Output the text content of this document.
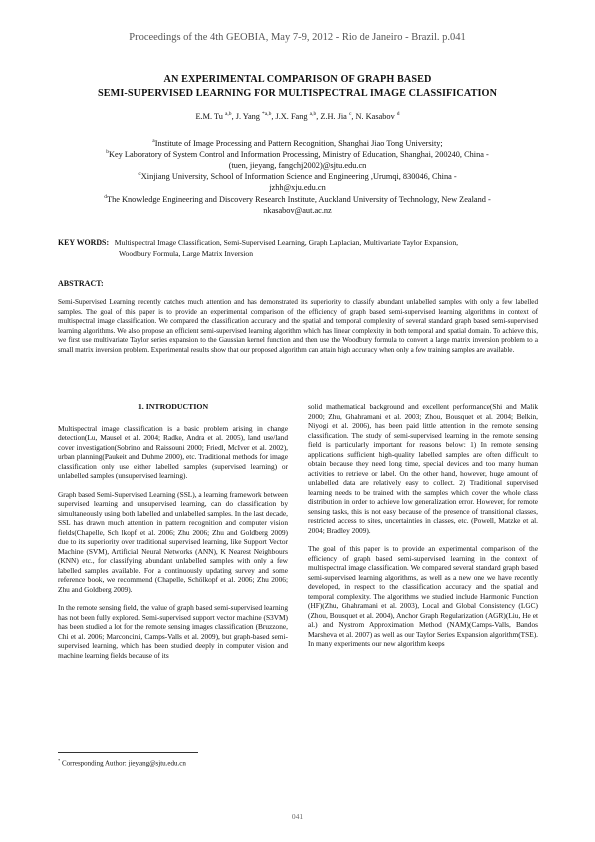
Proceedings of the 4th GEOBIA, May 7-9, 2012 - Rio de Janeiro - Brazil. p.041
AN EXPERIMENTAL COMPARISON OF GRAPH BASED
SEMI-SUPERVISED LEARNING FOR MULTISPECTRAL IMAGE CLASSIFICATION
E.M. Tu $^{a,b}$, J. Yang $^{*a,b}$, J.X. Fang $^{a,b}$, Z.H. Jia $^c$, N. Kasabov $^d$
$^a$Institute of Image Processing and Pattern Recognition, Shanghai Jiao Tong University;
$^b$Key Laboratory of System Control and Information Processing, Ministry of Education, Shanghai, 200240, China -
(tuen, jieyang, fangchj2002)@sjtu.edu.cn
$^c$Xinjiang University, School of Information Science and Engineering ,Urumqi, 830046, China -
jzhh@xju.edu.cn
$^d$The Knowledge Engineering and Discovery Research Institute, Auckland University of Technology, New Zealand -
nkasabov@aut.ac.nz
KEY WORDS: Multispectral Image Classification, Semi-Supervised Learning, Graph Laplacian, Multivariate Taylor Expansion,
Woodbury Formula, Large Matrix Inversion
ABSTRACT:
Semi-Supervised Learning recently catches much attention and has demonstrated its superiority to classify abundant unlabelled samples with only a few labelled samples. The goal of this paper is to provide an experimental comparison of the efficiency of graph based semi-supervised learning algorithms in context of multispectral image classification. We compared the classification accuracy and the spatial and temporal complexity of several standard graph based semi-supervised learning algorithms. We also propose an efficient semi-supervised learning algorithm which has linear complexity in both temporal and spatial domain. To achieve this, we first use multivariate Taylor series expansion to the Gaussian kernel function and then use the Woodbury formula to convert a large matrix inversion problem to a small matrix inversion problem. Experimental results show that our proposed algorithm can attain high accuracy when only a few training samples are available.
1. INTRODUCTION

Multispectral image classification is a basic problem arising in change detection(Lu, Mausel et al. 2004; Radke, Andra et al. 2005), land use/land cover investigation(Sobrino and Raissouni 2000; Friedl, McIver et al. 2002), urban planning(Paukeit and Duhme 2000), etc. Traditional methods for image classification only use either labelled samples (supervised learning) or unlabelled samples (unsupervised learning).

Graph based Semi-Supervised Learning (SSL), a learning framework between supervised learning and unsupervised learning, can do classification by simultaneously using both labelled and unlabelled samples. In the last decade, SSL has drawn much attention in pattern recognition and computer vision fields(Chapelle, Sch lkopf et al. 2006; Zhu 2006; Zhu and Goldberg 2009) due to its superiority over traditional supervised learning, like Support Vector Machine (SVM), Artificial Neural Networks (ANN), K Nearest Neighbours (KNN) etc., for classifying abundant unlabelled samples with only a few labelled samples available. For a continuously updating survey and some reference book, we recommend (Chapelle, Schölkopf et al. 2006; Zhu 2006; Zhu and Goldberg 2009).

In the remote sensing field, the value of graph based semi-supervised learning has not been fully explored. Semi-supervised support vector machine (S3VM) has been studied a lot for the remote sensing images classification (Bruzzone, Chi et al. 2006; Marconcini, Camps-Valls et al. 2009), but graph-based semi-supervised learning, which has been studied deeply in computer vision and machine learning fields because of its

solid mathematical background and excellent performance(Shi and Malik 2000; Zhu, Ghahramani et al. 2003; Zhou, Bousquet et al. 2004; Belkin, Niyogi et al. 2006), has been paid little attention in the remote sensing classification. The study of semi-supervised learning in the remote sensing field is particularly important for reasons below: 1) In remote sensing applications sufficient high-quality labelled samples are often difficult to obtain because they need long time, special devices and too many human activities to retrieve or label. On the other hand, however, huge amount of unlabelled data are relatively easy to collect. 2) Traditional supervised learning needs to be trained with the samples which cover the whole class distribution in order to achieve low generalization error. However, for remote sensing tasks, this is not easy because of the presence of transitional classes, restricted access to sites, uncertainties in classes, etc. (Powell, Matzke et al. 2004; Bradley 2009).

The goal of this paper is to provide an experimental comparison of the efficiency of graph based semi-supervised learning in the context of multispectral image classification. We compared several standard graph based semi-supervised learning algorithms, as well as a new one we have recently developed, in respect to the classification accuracy and the spatial and temporal complexity. The algorithms we studied include Harmonic Function (HF)(Zhu, Ghahramani et al. 2003), Local and Global Consistency (LGC) (Zhou, Bousquet et al. 2004), Anchor Graph Regularization (AGR)(Liu, He et al.) and Nystrom Approximation Method (NAM)(Camps-Valls, Bandos Marsheva et al. 2007) as well as our Taylor Series Expansion algorithm(TSE). In many experiments our new algorithm keeps

* Corresponding Author: jieyang@sjtu.edu.cn
041
